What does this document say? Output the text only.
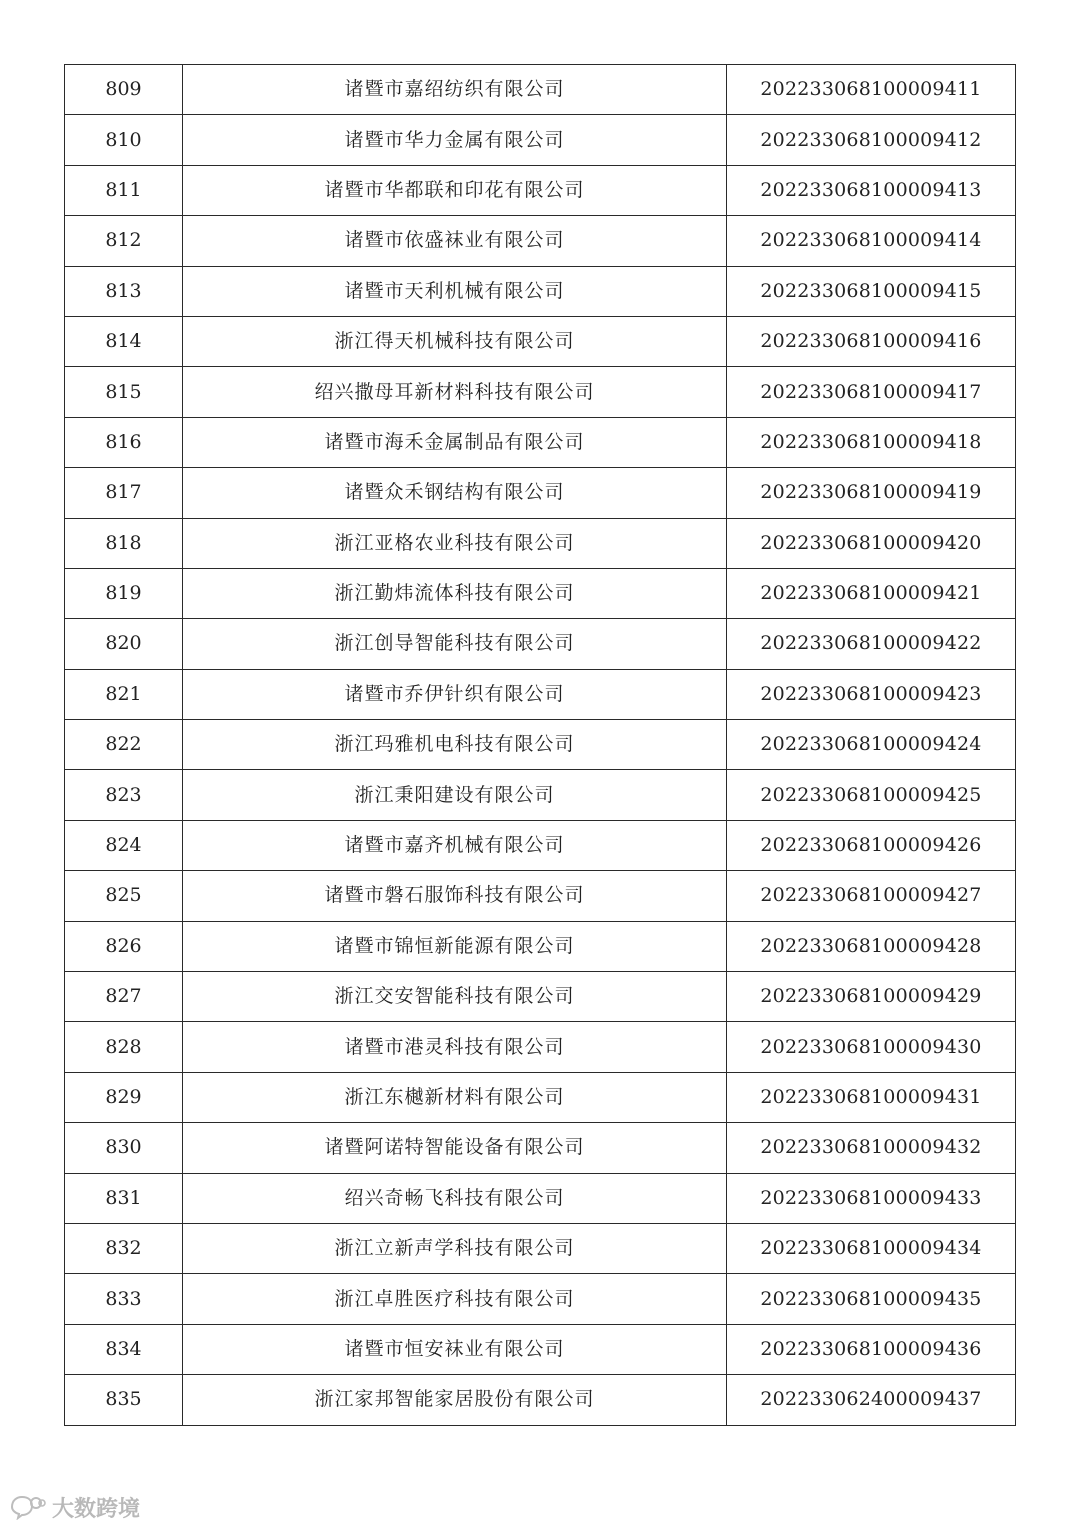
809	诸暨市嘉绍纺织有限公司	202233068100009411
810	诸暨市华力金属有限公司	202233068100009412
811	诸暨市华都联和印花有限公司	202233068100009413
812	诸暨市依盛袜业有限公司	202233068100009414
813	诸暨市天利机械有限公司	202233068100009415
814	浙江得天机械科技有限公司	202233068100009416
815	绍兴撒母耳新材料科技有限公司	202233068100009417
816	诸暨市海禾金属制品有限公司	202233068100009418
817	诸暨众禾钢结构有限公司	202233068100009419
818	浙江亚格农业科技有限公司	202233068100009420
819	浙江勤炜流体科技有限公司	202233068100009421
820	浙江创导智能科技有限公司	202233068100009422
821	诸暨市乔伊针织有限公司	202233068100009423
822	浙江玛雅机电科技有限公司	202233068100009424
823	浙江秉阳建设有限公司	202233068100009425
824	诸暨市嘉齐机械有限公司	202233068100009426
825	诸暨市磐石服饰科技有限公司	202233068100009427
826	诸暨市锦恒新能源有限公司	202233068100009428
827	浙江交安智能科技有限公司	202233068100009429
828	诸暨市港灵科技有限公司	202233068100009430
829	浙江东樾新材料有限公司	202233068100009431
830	诸暨阿诺特智能设备有限公司	202233068100009432
831	绍兴奇畅飞科技有限公司	202233068100009433
832	浙江立新声学科技有限公司	202233068100009434
833	浙江卓胜医疗科技有限公司	202233068100009435
834	诸暨市恒安袜业有限公司	202233068100009436
835	浙江家邦智能家居股份有限公司	202233062400009437
大数跨境
